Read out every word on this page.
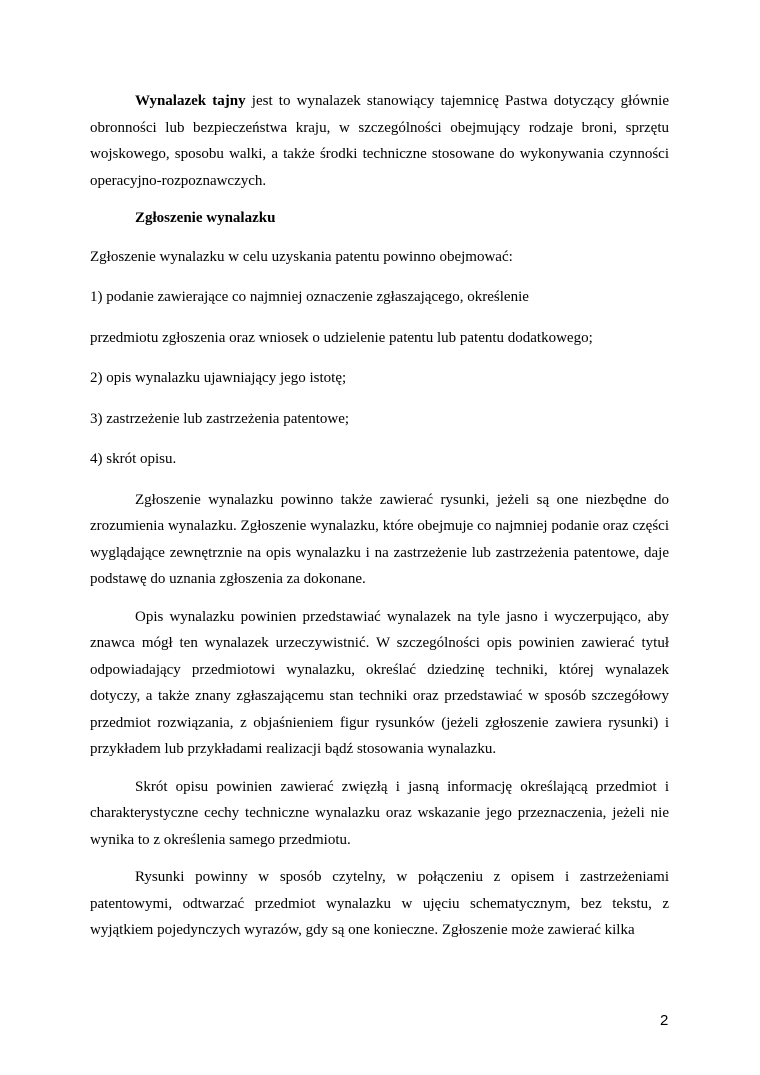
Wynalazek tajny jest to wynalazek stanowiący tajemnicę Pastwa dotyczący głównie obronności lub bezpieczeństwa kraju, w szczególności obejmujący rodzaje broni, sprzętu wojskowego, sposobu walki, a także środki techniczne stosowane do wykonywania czynności operacyjno-rozpoznawczych.

Zgłoszenie wynalazku

Zgłoszenie wynalazku w celu uzyskania patentu powinno obejmować:

1) podanie zawierające co najmniej oznaczenie zgłaszającego, określenie

przedmiotu zgłoszenia oraz wniosek o udzielenie patentu lub patentu dodatkowego;

2) opis wynalazku ujawniający jego istotę;

3) zastrzeżenie lub zastrzeżenia patentowe;

4) skrót opisu.

Zgłoszenie wynalazku powinno także zawierać rysunki, jeżeli są one niezbędne do zrozumienia wynalazku. Zgłoszenie wynalazku, które obejmuje co najmniej podanie oraz części wyglądające zewnętrznie na opis wynalazku i na zastrzeżenie lub zastrzeżenia patentowe, daje podstawę do uznania zgłoszenia za dokonane.

Opis wynalazku powinien przedstawiać wynalazek na tyle jasno i wyczerpująco, aby znawca mógł ten wynalazek urzeczywistnić. W szczególności opis powinien zawierać tytuł odpowiadający przedmiotowi wynalazku, określać dziedzinę techniki, której wynalazek dotyczy, a także znany zgłaszającemu stan techniki oraz przedstawiać w sposób szczegółowy przedmiot rozwiązania, z objaśnieniem figur rysunków (jeżeli zgłoszenie zawiera rysunki) i przykładem lub przykładami realizacji bądź stosowania wynalazku.

Skrót opisu powinien zawierać zwięzłą i jasną informację określającą przedmiot i charakterystyczne cechy techniczne wynalazku oraz wskazanie jego przeznaczenia, jeżeli nie wynika to z określenia samego przedmiotu.

Rysunki powinny w sposób czytelny, w połączeniu z opisem i zastrzeżeniami patentowymi, odtwarzać przedmiot wynalazku w ujęciu schematycznym, bez tekstu, z wyjątkiem pojedynczych wyrazów, gdy są one konieczne. Zgłoszenie może zawierać kilka

2
